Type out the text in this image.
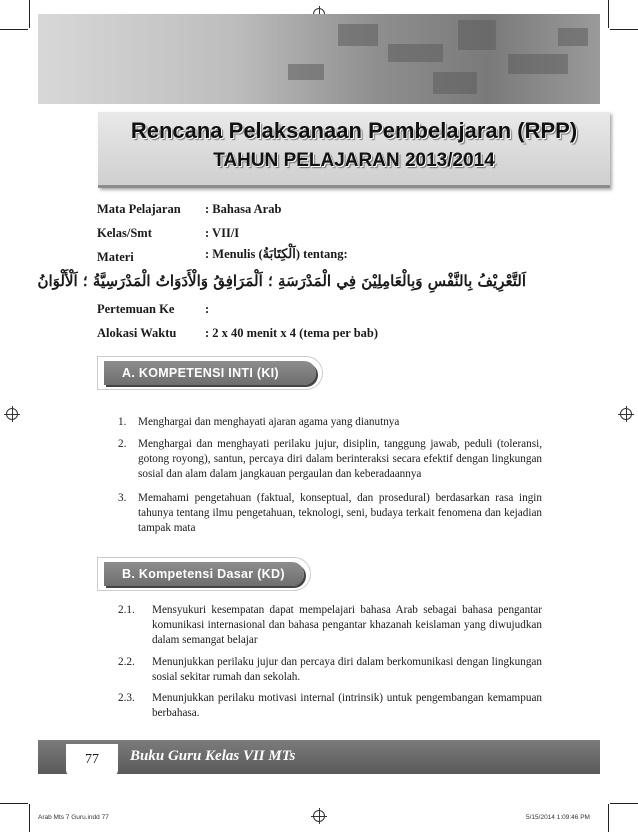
Rencana Pelaksanaan Pembelajaran (RPP)
TAHUN PELAJARAN 2013/2014
Mata Pelajaran : Bahasa Arab
Kelas/Smt	: VII/I
Materi	: Menulis (اَلْكِتَابَةُ) tentang:
اَلتَّعْرِيْفُ بِالنَّفْسِ وَبِالْعَامِلِيْنَ فِي الْمَدْرَسَةِ ؛ اَلْمَرَافِقُ وَالْأَدَوَاتُ الْمَدْرَسِيَّةُ ؛ اَلْأَلْوَانُ
Pertemuan Ke :
Alokasi Waktu : 2 x 40 menit x 4 (tema per bab)
A. KOMPETENSI INTI (KI)
1.	Menghargai dan menghayati ajaran agama yang dianutnya
2.	Menghargai dan menghayati perilaku jujur, disiplin, tanggung jawab, peduli (toleransi, gotong royong), santun, percaya diri dalam berinteraksi secara efektif dengan lingkungan sosial dan alam dalam jangkauan pergaulan dan keberadaannya
3.	Memahami pengetahuan (faktual, konseptual, dan prosedural) berdasarkan rasa ingin tahunya tentang ilmu pengetahuan, teknologi, seni, budaya terkait fenomena dan kejadian tampak mata
B. Kompetensi Dasar (KD)
2.1.	Mensyukuri kesempatan dapat mempelajari bahasa Arab sebagai bahasa pengantar komunikasi internasional dan bahasa pengantar khazanah keislaman yang diwujudkan dalam semangat belajar
2.2.	Menunjukkan perilaku jujur dan percaya diri dalam berkomunikasi dengan lingkungan sosial sekitar rumah dan sekolah.
2.3.	Menunjukkan perilaku motivasi internal (intrinsik) untuk pengembangan kemampuan berbahasa.
77	Buku Guru Kelas VII MTs
Arab Mts 7 Guru.indd 77	5/15/2014 1:09:46 PM
